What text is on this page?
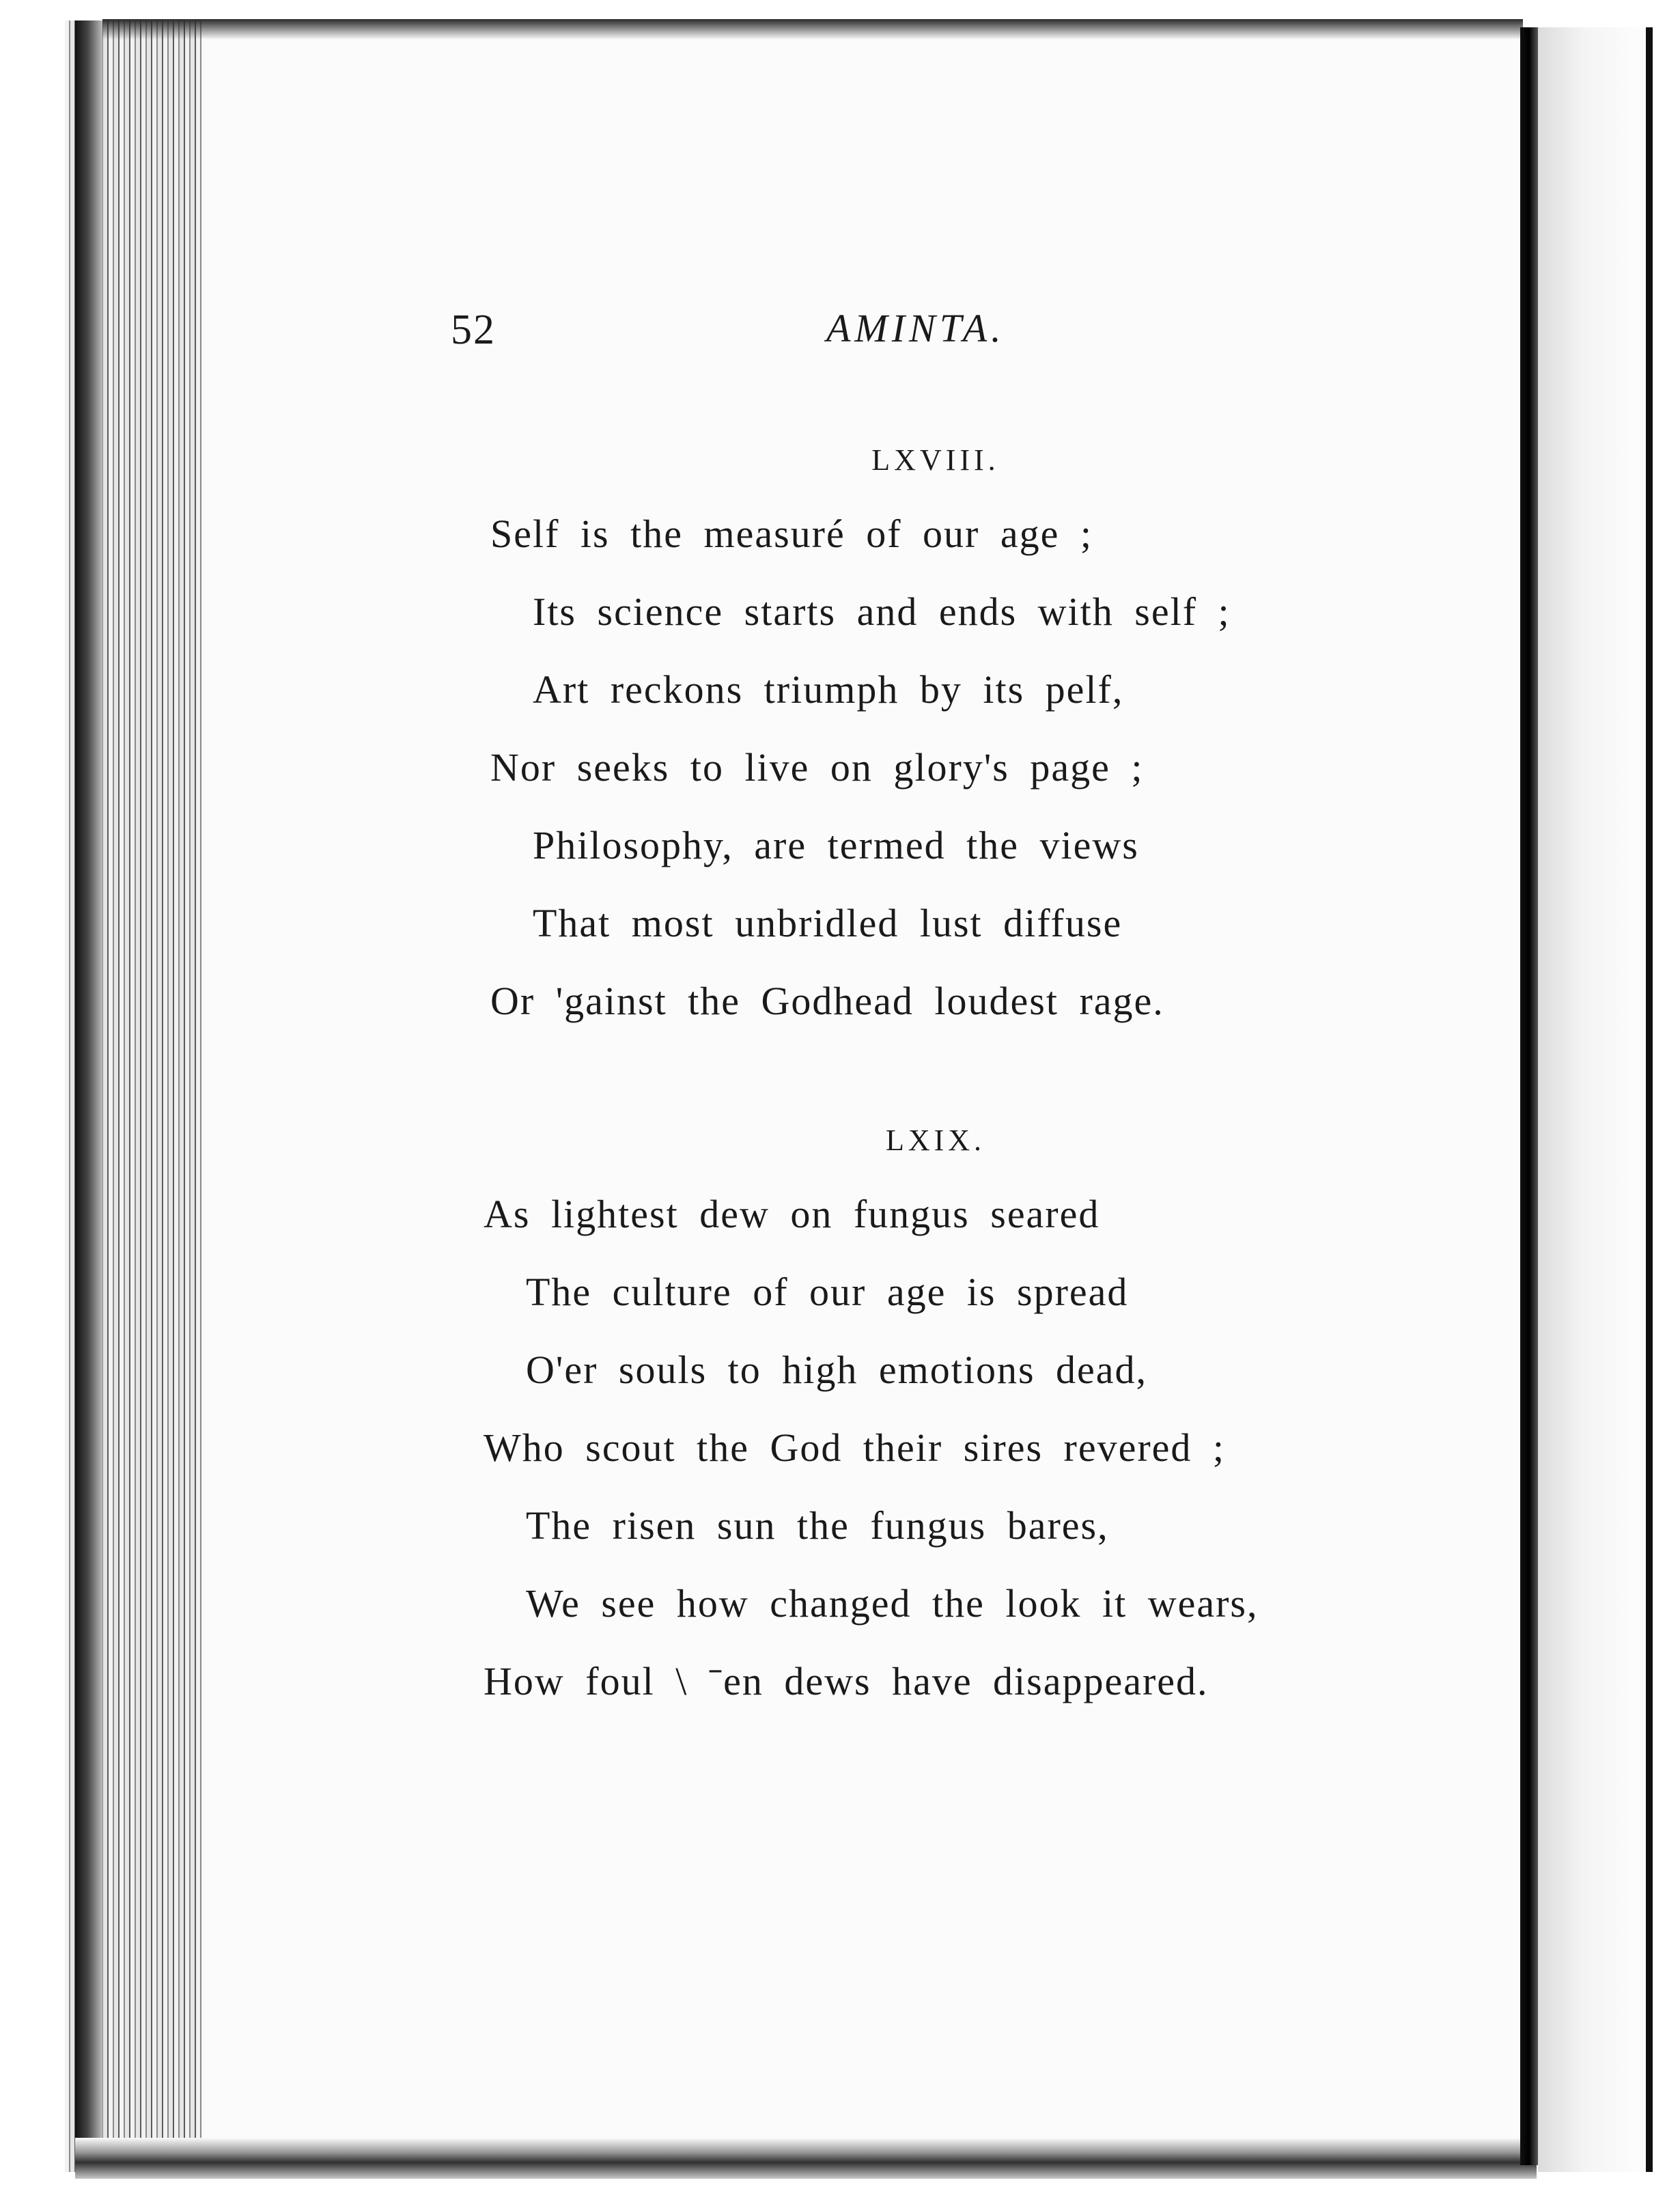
52	AMINTA.
LXVIII.
Self is the measuré of our age ;
Its science starts and ends with self ;
Art reckons triumph by its pelf,
Nor seeks to live on glory's page ;
Philosophy, are termed the views
That most unbridled lust diffuse
Or 'gainst the Godhead loudest rage.
LXIX.
As lightest dew on fungus seared
The culture of our age is spread
O'er souls to high emotions dead,
Who scout the God their sires revered ;
The risen sun the fungus bares,
We see how changed the look it wears,
How foul \ ˉen dews have disappeared.
